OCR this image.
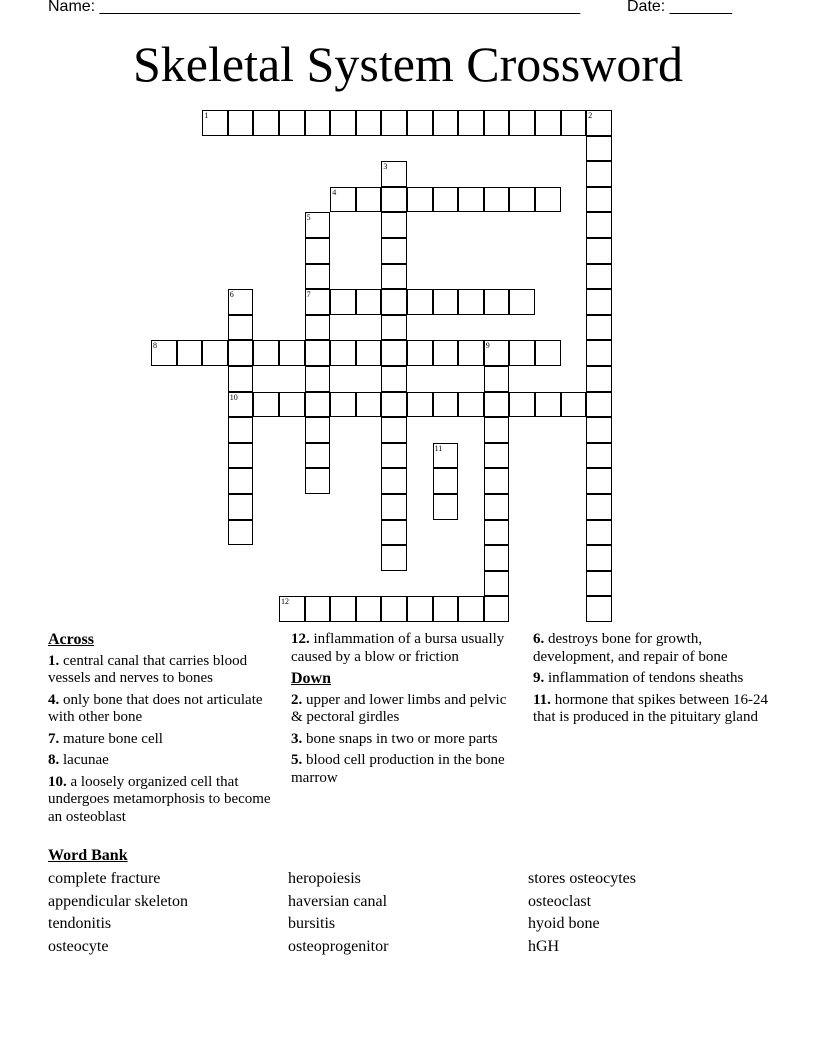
Name: ______________________________________________________	Date: _______
Skeletal System Crossword
1	2
3
4
5
7
6
10
8	9
11
12
Across
1. central canal that carries blood vessels and nerves to bones
4. only bone that does not articulate with other bone
7. mature bone cell
8. lacunae
10. a loosely organized cell that undergoes metamorphosis to become an osteoblast
12. inflammation of a bursa usually caused by a blow or friction
Down
2. upper and lower limbs and pelvic & pectoral girdles
3. bone snaps in two or more parts
5. blood cell production in the bone marrow
6. destroys bone for growth, development, and repair of bone
9. inflammation of tendons sheaths
11. hormone that spikes between 16-24 that is produced in the pituitary gland
Word Bank
complete fracture	heropoiesis	stores osteocytes
appendicular skeleton	haversian canal	osteoclast
tendonitis	bursitis	hyoid bone
osteocyte	osteoprogenitor	hGH
